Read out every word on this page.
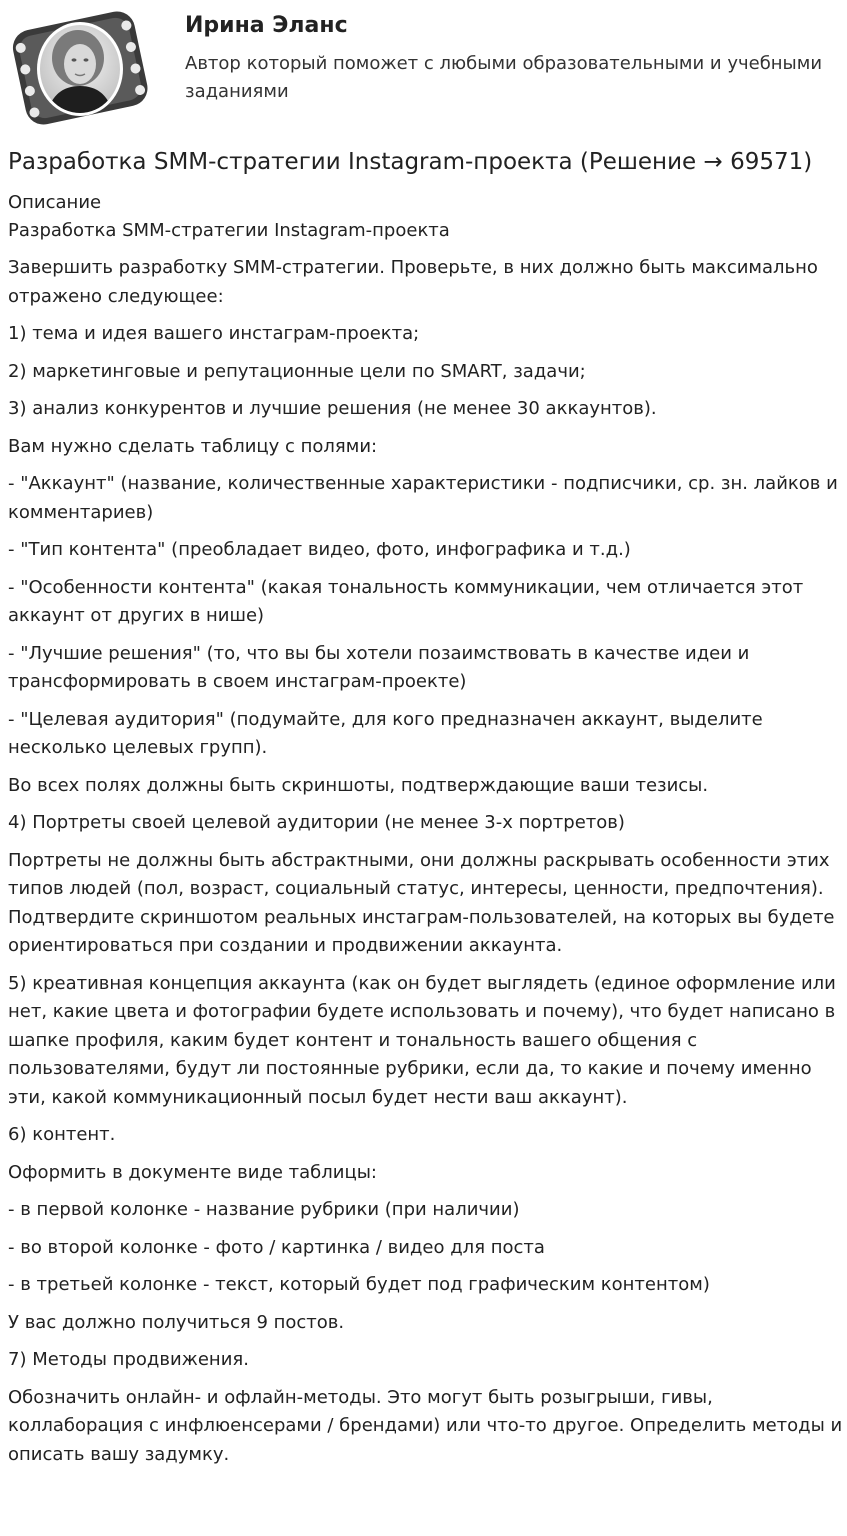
Ирина Эланс
Автор который поможет с любыми образовательными и учебными заданиями
Разработка SMM-стратегии Instagram-проекта (Решение → 69571)
Описание
Разработка SMM-стратегии Instagram-проекта

Завершить разработку SMM-стратегии. Проверьте, в них должно быть максимально отражено следующее:

1) тема и идея вашего инстаграм-проекта;

2) маркетинговые и репутационные цели по SMART, задачи;

3) анализ конкурентов и лучшие решения (не менее 30 аккаунтов).

Вам нужно сделать таблицу с полями:

- "Аккаунт" (название, количественные характеристики - подписчики, ср. зн. лайков и комментариев)

- "Тип контента" (преобладает видео, фото, инфографика и т.д.)

- "Особенности контента" (какая тональность коммуникации, чем отличается этот аккаунт от других в нише)

- "Лучшие решения" (то, что вы бы хотели позаимствовать в качестве идеи и трансформировать в своем инстаграм-проекте)

- "Целевая аудитория" (подумайте, для кого предназначен аккаунт, выделите несколько целевых групп).

Во всех полях должны быть скриншоты, подтверждающие ваши тезисы.

4) Портреты своей целевой аудитории (не менее 3-х портретов)

Портреты не должны быть абстрактными, они должны раскрывать особенности этих типов людей (пол, возраст, социальный статус, интересы, ценности, предпочтения). Подтвердите скриншотом реальных инстаграм-пользователей, на которых вы будете ориентироваться при создании и продвижении аккаунта.

5) креативная концепция аккаунта (как он будет выглядеть (единое оформление или нет, какие цвета и фотографии будете использовать и почему), что будет написано в шапке профиля, каким будет контент и тональность вашего общения с пользователями, будут ли постоянные рубрики, если да, то какие и почему именно эти, какой коммуникационный посыл будет нести ваш аккаунт).

6) контент.

Оформить в документе виде таблицы:

- в первой колонке - название рубрики (при наличии)

- во второй колонке - фото / картинка / видео для поста

- в третьей колонке - текст, который будет под графическим контентом)

У вас должно получиться 9 постов.

7) Методы продвижения.

Обозначить онлайн- и офлайн-методы. Это могут быть розыгрыши, гивы, коллаборация с инфлюенсерами / брендами) или что-то другое. Определить методы и описать вашу задумку.
